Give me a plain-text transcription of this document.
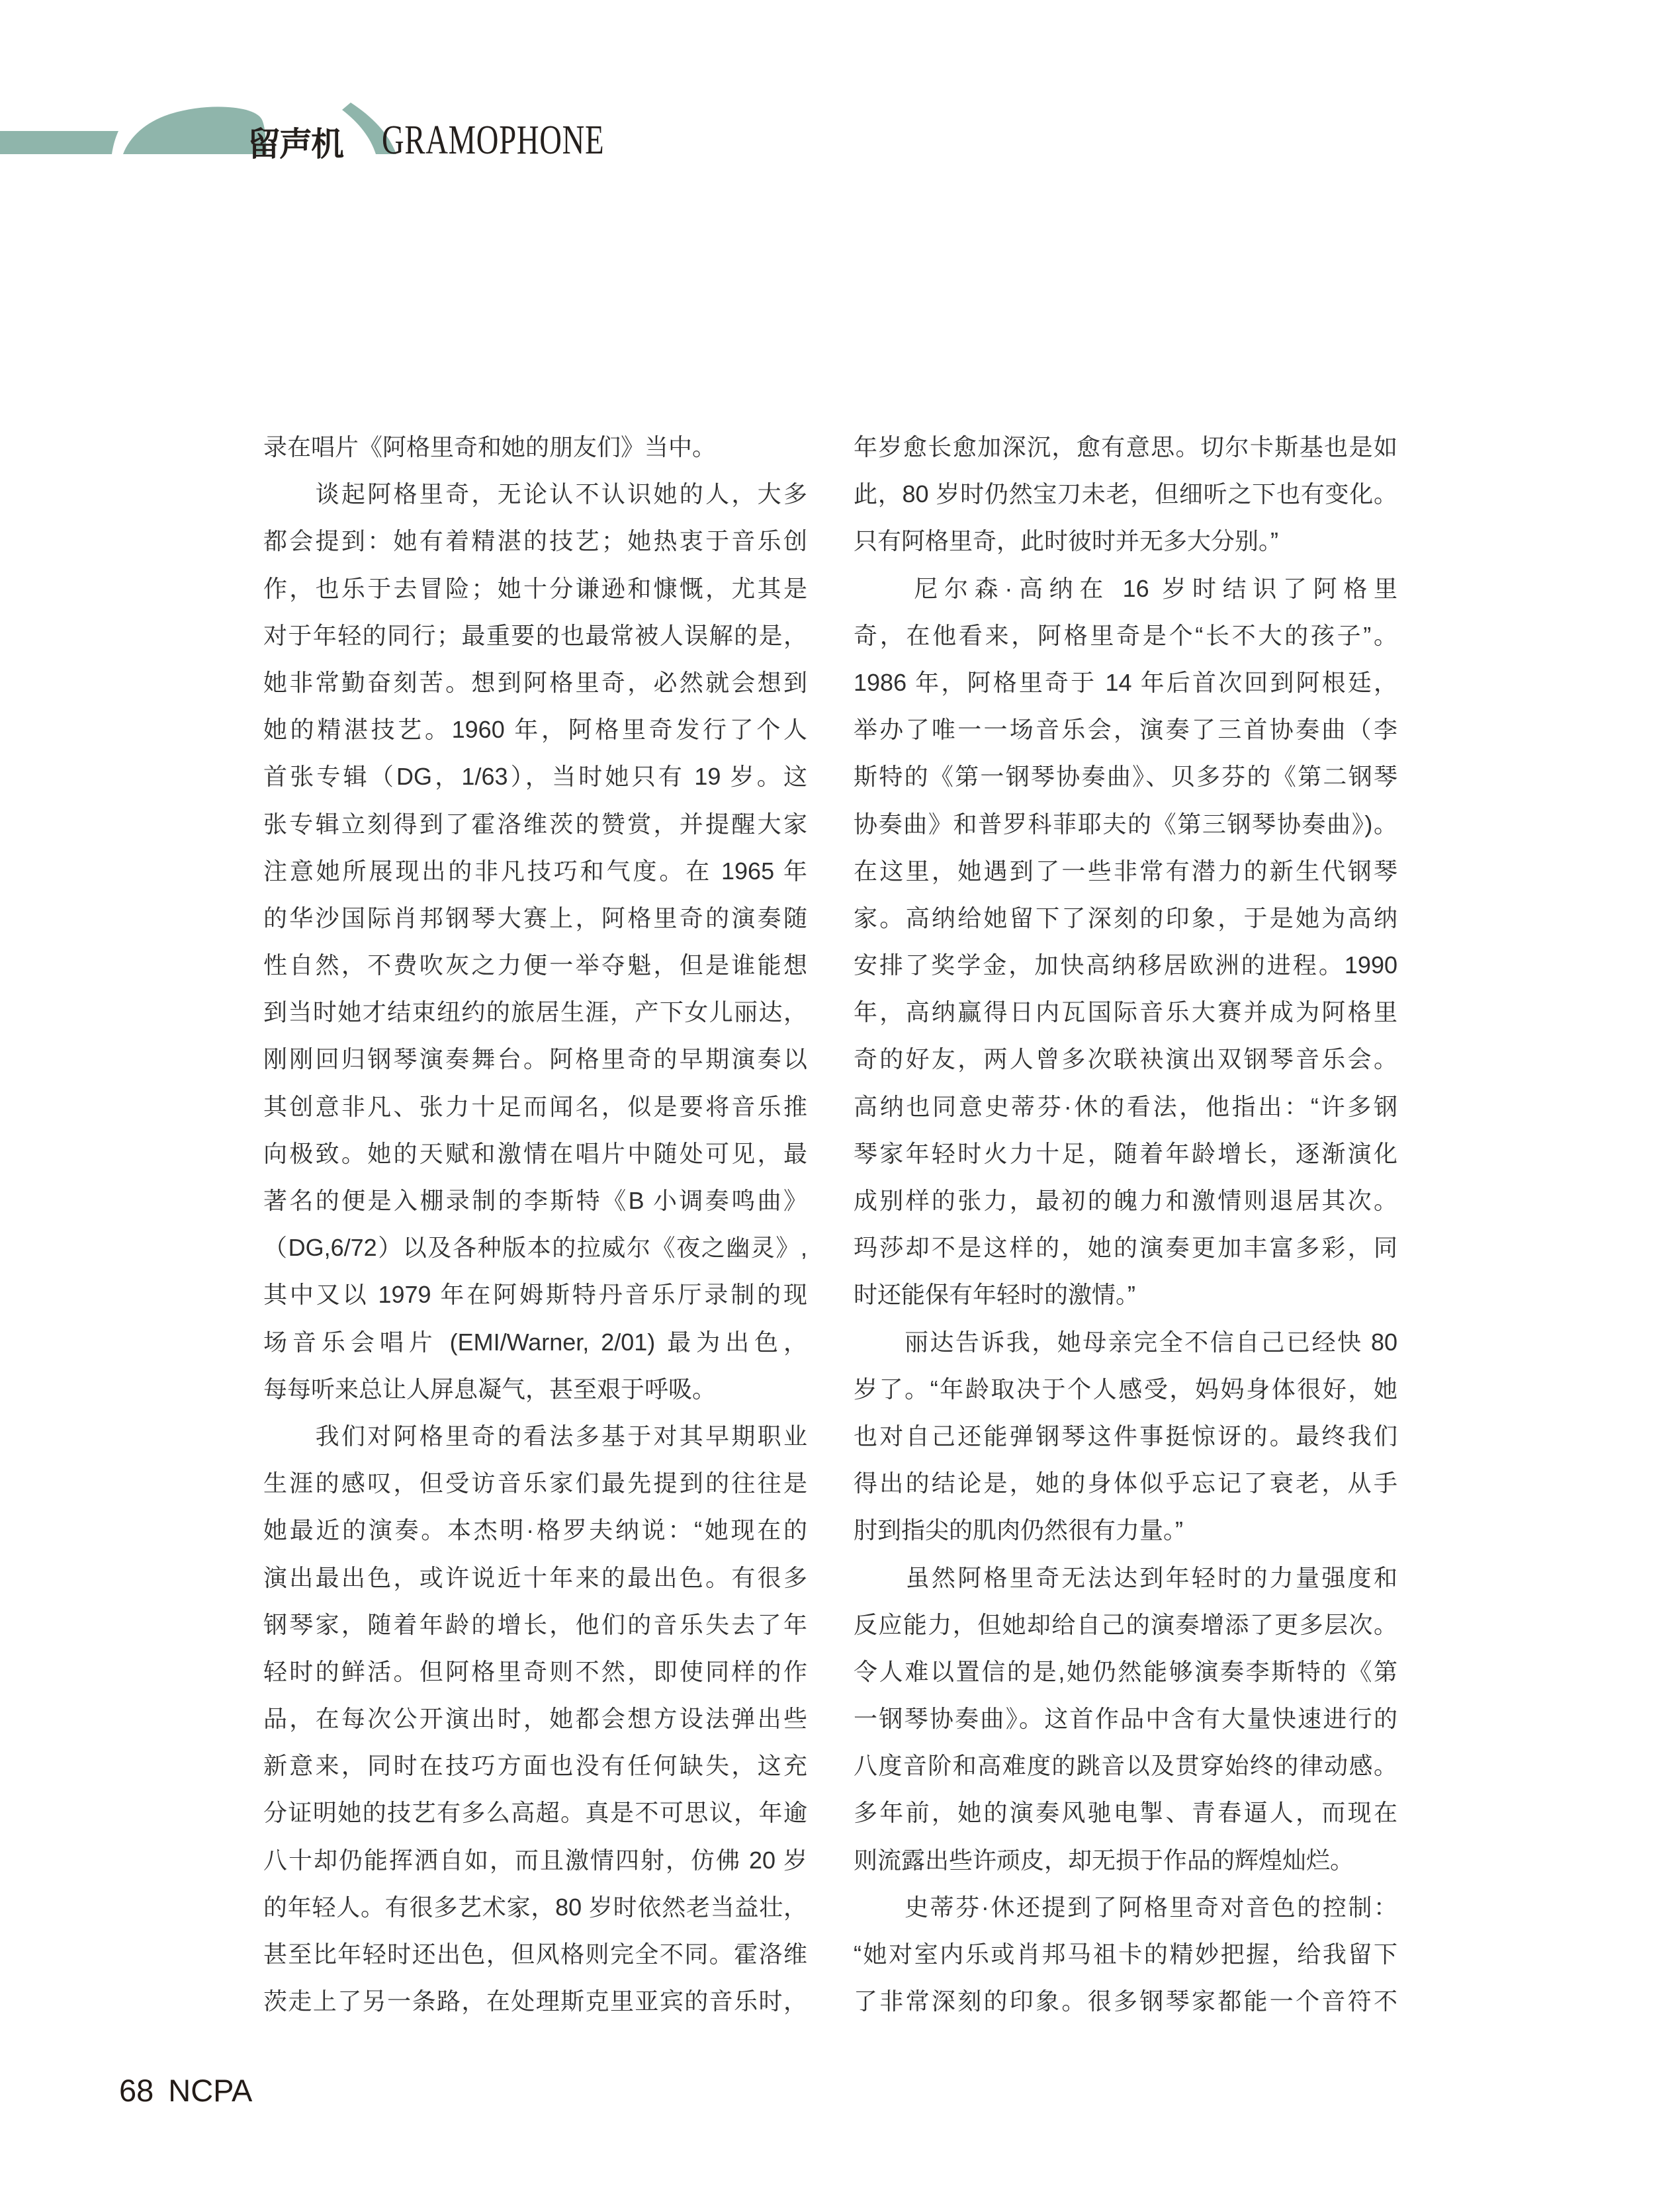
留声机 GRAMOPHONE
录在唱片《阿格里奇和她的朋友们》当中。
　　谈起阿格里奇，无论认不认识她的人，大多
都会提到：她有着精湛的技艺；她热衷于音乐创
作，也乐于去冒险；她十分谦逊和慷慨，尤其是
对于年轻的同行；最重要的也最常被人误解的是，
她非常勤奋刻苦。想到阿格里奇，必然就会想到
她的精湛技艺。1960 年，阿格里奇发行了个人
首张专辑（DG，1/63），当时她只有 19 岁。这
张专辑立刻得到了霍洛维茨的赞赏，并提醒大家
注意她所展现出的非凡技巧和气度。在 1965 年
的华沙国际肖邦钢琴大赛上，阿格里奇的演奏随
性自然，不费吹灰之力便一举夺魁，但是谁能想
到当时她才结束纽约的旅居生涯，产下女儿丽达，
刚刚回归钢琴演奏舞台。阿格里奇的早期演奏以
其创意非凡、张力十足而闻名，似是要将音乐推
向极致。她的天赋和激情在唱片中随处可见，最
著名的便是入棚录制的李斯特《B 小调奏鸣曲》
（DG,6/72）以及各种版本的拉威尔《夜之幽灵》,
其中又以 1979 年在阿姆斯特丹音乐厅录制的现
场音乐会唱片 (EMI/Warner, 2/01) 最为出色，
每每听来总让人屏息凝气，甚至艰于呼吸。
　　我们对阿格里奇的看法多基于对其早期职业
生涯的感叹，但受访音乐家们最先提到的往往是
她最近的演奏。本杰明·格罗夫纳说：“她现在的
演出最出色，或许说近十年来的最出色。有很多
钢琴家，随着年龄的增长，他们的音乐失去了年
轻时的鲜活。但阿格里奇则不然，即使同样的作
品，在每次公开演出时，她都会想方设法弹出些
新意来，同时在技巧方面也没有任何缺失，这充
分证明她的技艺有多么高超。真是不可思议，年逾
八十却仍能挥洒自如，而且激情四射，仿佛 20 岁
的年轻人。有很多艺术家，80 岁时依然老当益壮，
甚至比年轻时还出色，但风格则完全不同。霍洛维
茨走上了另一条路，在处理斯克里亚宾的音乐时，
年岁愈长愈加深沉，愈有意思。切尔卡斯基也是如
此，80 岁时仍然宝刀未老，但细听之下也有变化。
只有阿格里奇，此时彼时并无多大分别。”
　　尼尔森·高纳在 16 岁时结识了阿格里
奇，在他看来，阿格里奇是个“长不大的孩子”。
1986 年，阿格里奇于 14 年后首次回到阿根廷，
举办了唯一一场音乐会，演奏了三首协奏曲（李
斯特的《第一钢琴协奏曲》、贝多芬的《第二钢琴
协奏曲》和普罗科菲耶夫的《第三钢琴协奏曲》)。
在这里，她遇到了一些非常有潜力的新生代钢琴
家。高纳给她留下了深刻的印象，于是她为高纳
安排了奖学金，加快高纳移居欧洲的进程。1990
年，高纳赢得日内瓦国际音乐大赛并成为阿格里
奇的好友，两人曾多次联袂演出双钢琴音乐会。
高纳也同意史蒂芬·休的看法，他指出：“许多钢
琴家年轻时火力十足，随着年龄增长，逐渐演化
成别样的张力，最初的魄力和激情则退居其次。
玛莎却不是这样的，她的演奏更加丰富多彩，同
时还能保有年轻时的激情。”
　　丽达告诉我，她母亲完全不信自己已经快 80
岁了。“年龄取决于个人感受，妈妈身体很好，她
也对自己还能弹钢琴这件事挺惊讶的。最终我们
得出的结论是，她的身体似乎忘记了衰老，从手
肘到指尖的肌肉仍然很有力量。”
　　虽然阿格里奇无法达到年轻时的力量强度和
反应能力，但她却给自己的演奏增添了更多层次。
令人难以置信的是,她仍然能够演奏李斯特的《第
一钢琴协奏曲》。这首作品中含有大量快速进行的
八度音阶和高难度的跳音以及贯穿始终的律动感。
多年前，她的演奏风驰电掣、青春逼人，而现在
则流露出些许顽皮，却无损于作品的辉煌灿烂。
　　史蒂芬·休还提到了阿格里奇对音色的控制：
“她对室内乐或肖邦马祖卡的精妙把握，给我留下
了非常深刻的印象。很多钢琴家都能一个音符不
68 NCPA
